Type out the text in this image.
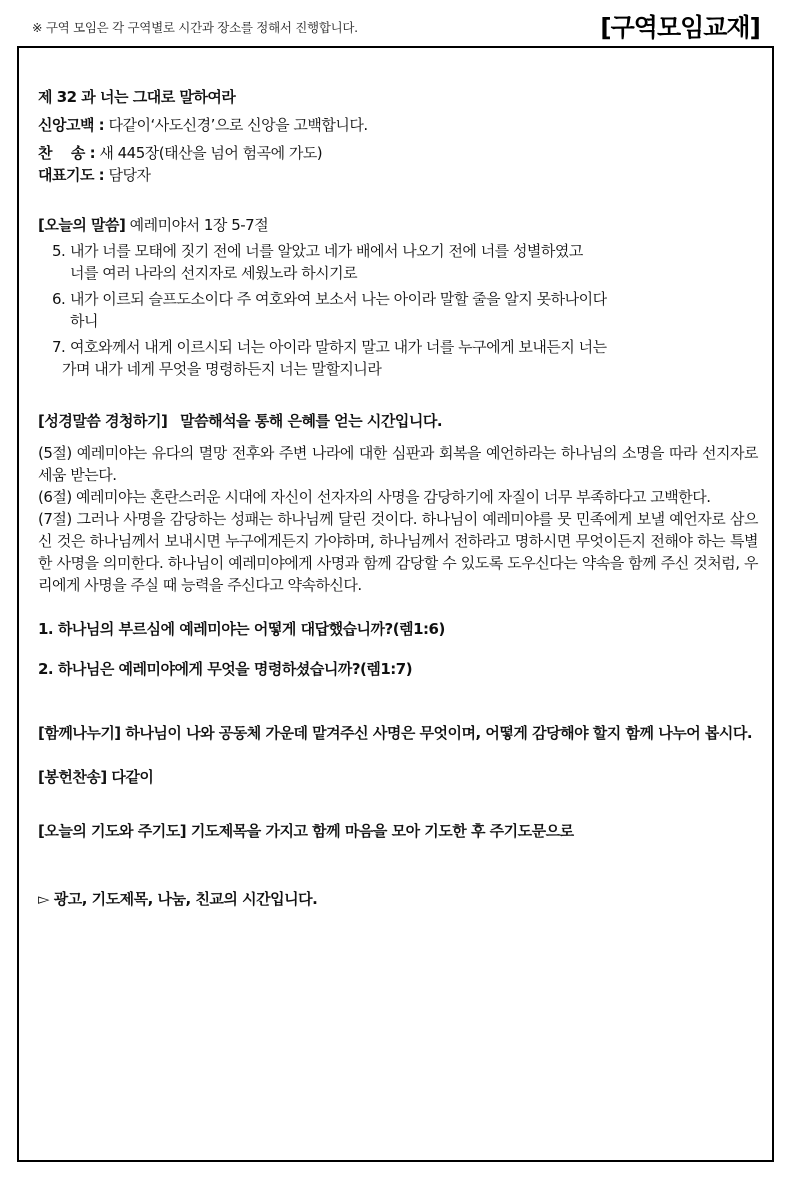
※ 구역 모임은 각 구역별로 시간과 장소를 정해서 진행합니다.	[구역모임교재]

제 32 과 너는 그대로 말하여라

신앙고백 : 다같이‘사도신경’으로 신앙을 고백합니다.

찬    송 : 새 445장(태산을 넘어 험곡에 가도)

대표기도 : 담당자

[오늘의 말씀] 예레미야서 1장 5-7절

5. 내가 너를 모태에 짓기 전에 너를 알았고 네가 배에서 나오기 전에 너를 성별하였고
너를 여러 나라의 선지자로 세웠노라 하시기로
6. 내가 이르되 슬프도소이다 주 여호와여 보소서 나는 아이라 말할 줄을 알지 못하나이다
하니
7. 여호와께서 내게 이르시되 너는 아이라 말하지 말고 내가 너를 누구에게 보내든지 너는
가며 내가 네게 무엇을 명령하든지 너는 말할지니라

[성경말씀 경청하기] 말씀해석을 통해 은혜를 얻는 시간입니다.

(5절) 예레미야는 유다의 멸망 전후와 주변 나라에 대한 심판과 회복을 예언하라는 하나님의 소명을 따라 선지자로 세움 받는다.

(6절) 예레미야는 혼란스러운 시대에 자신이 선자자의 사명을 감당하기에 자질이 너무 부족하다고 고백한다.

(7절) 그러나 사명을 감당하는 성패는 하나님께 달린 것이다. 하나님이 예레미야를 뭇 민족에게 보낼 예언자로 삼으신 것은 하나님께서 보내시면 누구에게든지 가야하며, 하나님께서 전하라고 명하시면 무엇이든지 전해야 하는 특별한 사명을 의미한다. 하나님이 예레미야에게 사명과 함께 감당할 수 있도록 도우신다는 약속을 함께 주신 것처럼, 우리에게 사명을 주실 때 능력을 주신다고 약속하신다.

1. 하나님의 부르심에 예레미야는 어떻게 대답했습니까?(렘1:6)

2. 하나님은 예레미야에게 무엇을 명령하셨습니까?(렘1:7)

[함께나누기] 하나님이 나와 공동체 가운데 맡겨주신 사명은 무엇이며, 어떻게 감당해야 할지 함께 나누어 봅시다.

[봉헌찬송] 다같이

[오늘의 기도와 주기도] 기도제목을 가지고 함께 마음을 모아 기도한 후 주기도문으로

▻ 광고, 기도제목, 나눔, 친교의 시간입니다.
